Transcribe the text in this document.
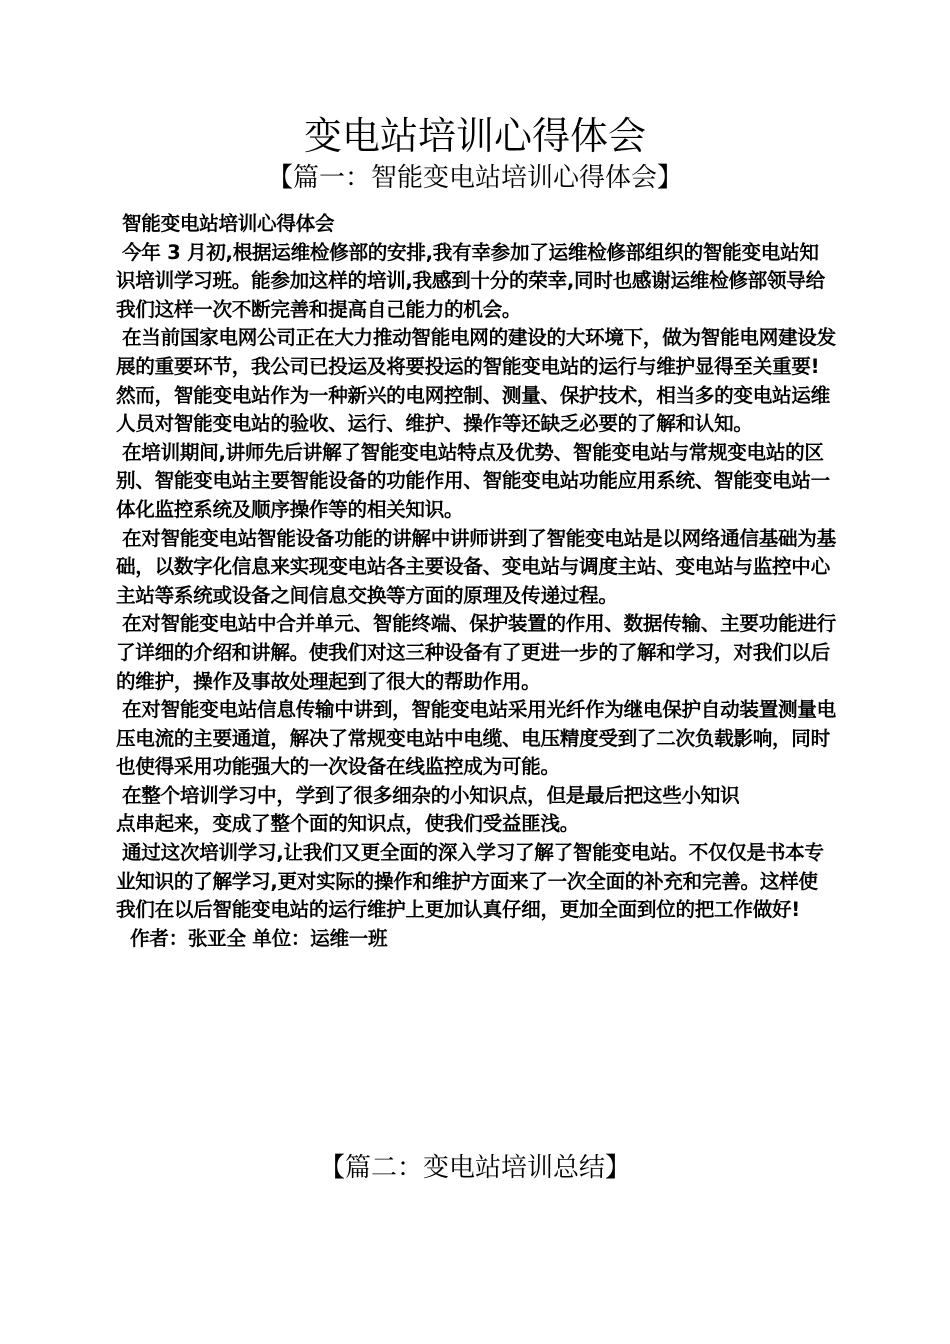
变电站培训心得体会
【篇一：智能变电站培训心得体会】

智能变电站培训心得体会

今年 3 月初,根据运维检修部的安排,我有幸参加了运维检修部组织的智能变电站知识培训学习班。能参加这样的培训,我感到十分的荣幸,同时也感谢运维检修部领导给我们这样一次不断完善和提高自己能力的机会。

在当前国家电网公司正在大力推动智能电网的建设的大环境下，做为智能电网建设发展的重要环节，我公司已投运及将要投运的智能变电站的运行与维护显得至关重要!然而，智能变电站作为一种新兴的电网控制、测量、保护技术，相当多的变电站运维人员对智能变电站的验收、运行、维护、操作等还缺乏必要的了解和认知。

在培训期间,讲师先后讲解了智能变电站特点及优势、智能变电站与常规变电站的区别、智能变电站主要智能设备的功能作用、智能变电站功能应用系统、智能变电站一体化监控系统及顺序操作等的相关知识。

在对智能变电站智能设备功能的讲解中讲师讲到了智能变电站是以网络通信基础为基础，以数字化信息来实现变电站各主要设备、变电站与调度主站、变电站与监控中心主站等系统或设备之间信息交换等方面的原理及传递过程。

在对智能变电站中合并单元、智能终端、保护装置的作用、数据传输、主要功能进行了详细的介绍和讲解。使我们对这三种设备有了更进一步的了解和学习，对我们以后的维护，操作及事故处理起到了很大的帮助作用。

在对智能变电站信息传输中讲到，智能变电站采用光纤作为继电保护自动装置测量电压电流的主要通道，解决了常规变电站中电缆、电压精度受到了二次负载影响，同时也使得采用功能强大的一次设备在线监控成为可能。

在整个培训学习中，学到了很多细杂的小知识点，但是最后把这些小知识

点串起来，变成了整个面的知识点，使我们受益匪浅。

通过这次培训学习,让我们又更全面的深入学习了解了智能变电站。不仅仅是书本专业知识的了解学习,更对实际的操作和维护方面来了一次全面的补充和完善。这样使我们在以后智能变电站的运行维护上更加认真仔细，更加全面到位的把工作做好!

作者：张亚全 单位：运维一班

【篇二：变电站培训总结】
